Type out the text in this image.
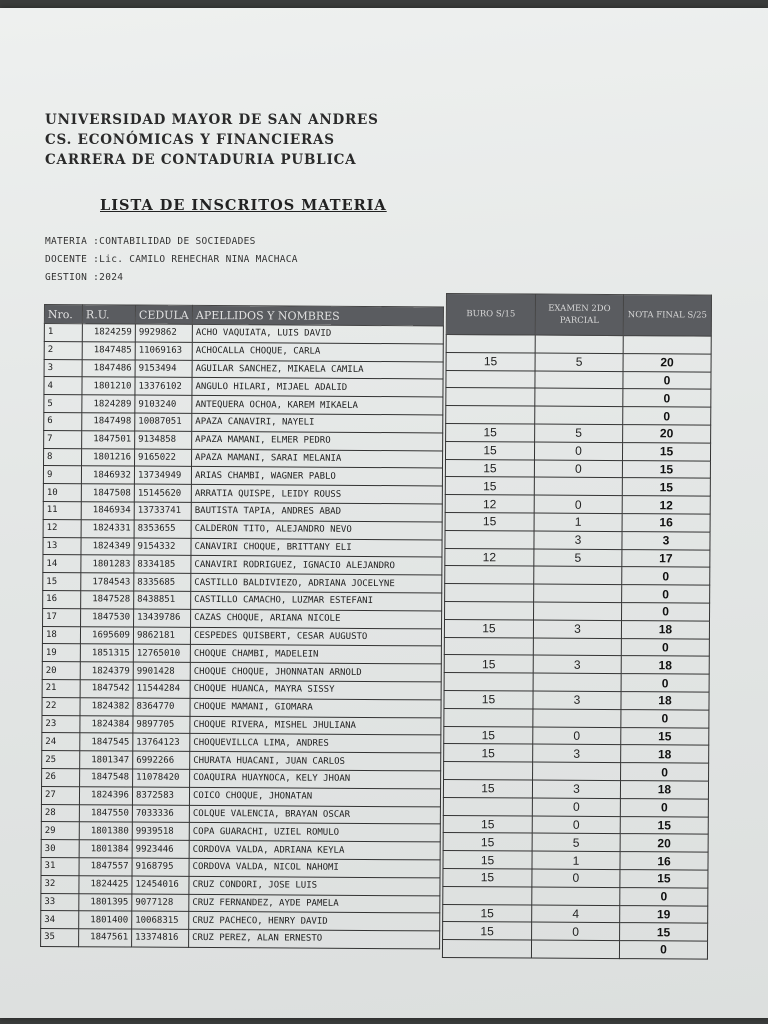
UNIVERSIDAD MAYOR DE SAN ANDRES
CS. ECONÓMICAS Y FINANCIERAS
CARRERA DE CONTADURIA PUBLICA
LISTA DE INSCRITOS MATERIA
MATERIA :CONTABILIDAD DE SOCIEDADES
DOCENTE :Lic. CAMILO REHECHAR NINA MACHACA
GESTION :2024
Nro.	R.U.	CEDULA	APELLIDOS Y NOMBRES
1	1824259	9929862	ACHO VAQUIATA, LUIS DAVID
2	1847485	11069163	ACHOCALLA CHOQUE, CARLA
3	1847486	9153494	AGUILAR SANCHEZ, MIKAELA CAMILA
4	1801210	13376102	ANGULO HILARI, MIJAEL ADALID
5	1824289	9103240	ANTEQUERA OCHOA, KAREM MIKAELA
6	1847498	10087051	APAZA CANAVIRI, NAYELI
7	1847501	9134858	APAZA MAMANI, ELMER PEDRO
8	1801216	9165022	APAZA MAMANI, SARAI MELANIA
9	1846932	13734949	ARIAS CHAMBI, WAGNER PABLO
10	1847508	15145620	ARRATIA QUISPE, LEIDY ROUSS
11	1846934	13733741	BAUTISTA TAPIA, ANDRES ABAD
12	1824331	8353655	CALDERON TITO, ALEJANDRO NEVO
13	1824349	9154332	CANAVIRI CHOQUE, BRITTANY ELI
14	1801283	8334185	CANAVIRI RODRIGUEZ, IGNACIO ALEJANDRO
15	1784543	8335685	CASTILLO BALDIVIEZO, ADRIANA JOCELYNE
16	1847528	8438851	CASTILLO CAMACHO, LUZMAR ESTEFANI
17	1847530	13439786	CAZAS CHOQUE, ARIANA NICOLE
18	1695609	9862181	CESPEDES QUISBERT, CESAR AUGUSTO
19	1851315	12765010	CHOQUE CHAMBI, MADELEIN
20	1824379	9901428	CHOQUE CHOQUE, JHONNATAN ARNOLD
21	1847542	11544284	CHOQUE HUANCA, MAYRA SISSY
22	1824382	8364770	CHOQUE MAMANI, GIOMARA
23	1824384	9897705	CHOQUE RIVERA, MISHEL JHULIANA
24	1847545	13764123	CHOQUEVILLCA LIMA, ANDRES
25	1801347	6992266	CHURATA HUACANI, JUAN CARLOS
26	1847548	11078420	COAQUIRA HUAYNOCA, KELY JHOAN
27	1824396	8372583	COICO CHOQUE, JHONATAN
28	1847550	7033336	COLQUE VALENCIA, BRAYAN OSCAR
29	1801380	9939518	COPA GUARACHI, UZIEL ROMULO
30	1801384	9923446	CORDOVA VALDA, ADRIANA KEYLA
31	1847557	9168795	CORDOVA VALDA, NICOL NAHOMI
32	1824425	12454016	CRUZ CONDORI, JOSE LUIS
33	1801395	9077128	CRUZ FERNANDEZ, AYDE PAMELA
34	1801400	10068315	CRUZ PACHECO, HENRY DAVID
35	1847561	13374816	CRUZ PEREZ, ALAN ERNESTO
BURO S/15	EXAMEN 2DO PARCIAL	NOTA FINAL S/25

15	5	20
		0
		0
		0
15	5	20
15	0	15
15	0	15
15		15
12	0	12
15	1	16
	3	3
12	5	17
		0
		0
		0
15	3	18
		0
15	3	18
		0
15	3	18
		0
15	0	15
15	3	18
		0
15	3	18
	0	0
15	0	15
15	5	20
15	1	16
15	0	15
		0
15	4	19
15	0	15
		0
